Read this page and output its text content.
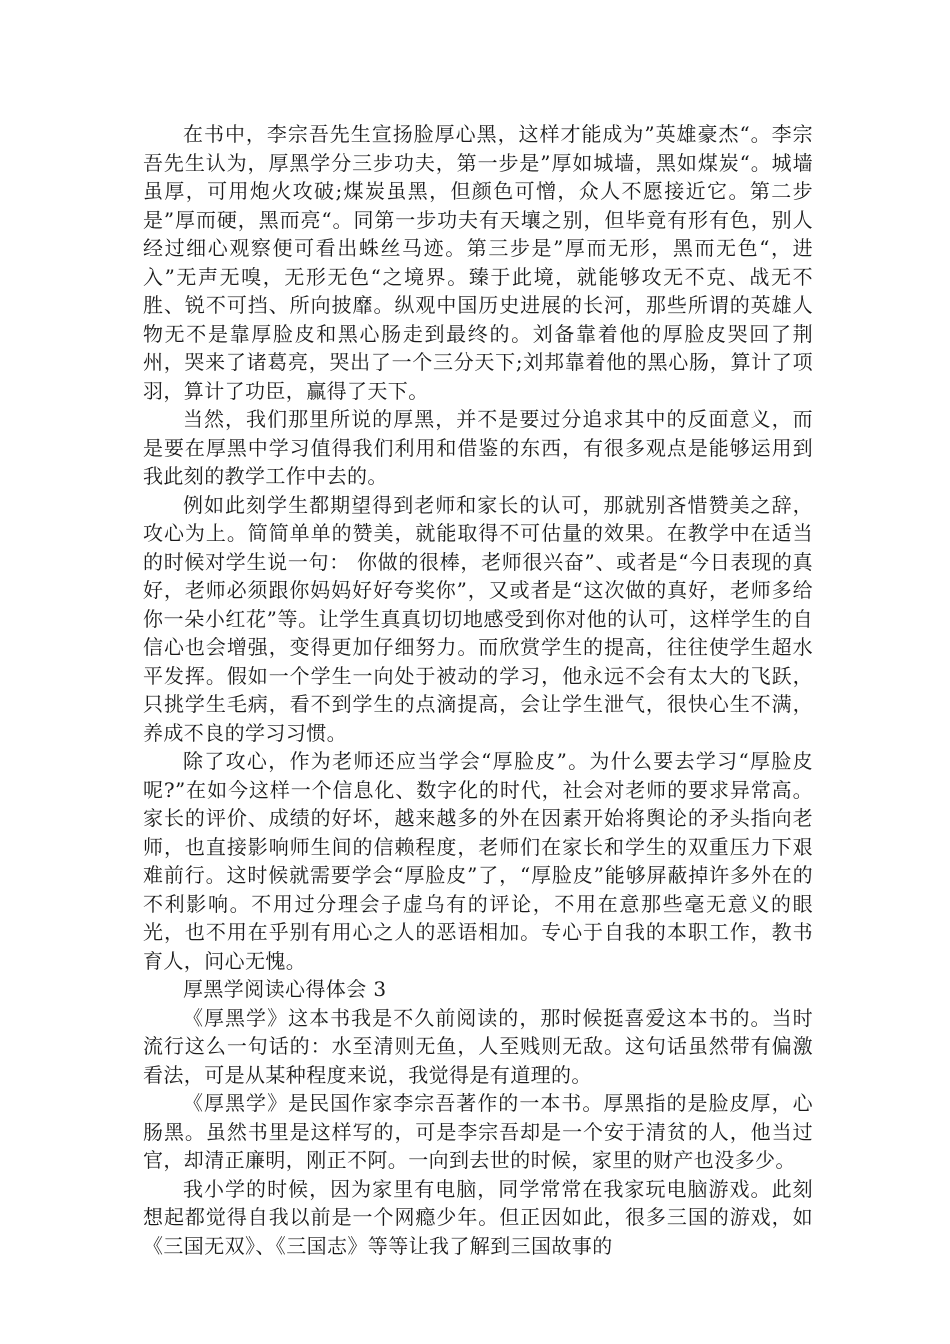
在书中，李宗吾先生宣扬脸厚心黑，这样才能成为”英雄豪杰“。李宗吾先生认为，厚黑学分三步功夫，第一步是”厚如城墙，黑如煤炭“。城墙虽厚，可用炮火攻破;煤炭虽黑，但颜色可憎，众人不愿接近它。第二步是”厚而硬，黑而亮“。同第一步功夫有天壤之别，但毕竟有形有色，别人经过细心观察便可看出蛛丝马迹。第三步是”厚而无形，黑而无色“，进入”无声无嗅，无形无色“之境界。臻于此境，就能够攻无不克、战无不胜、锐不可挡、所向披靡。纵观中国历史进展的长河，那些所谓的英雄人物无不是靠厚脸皮和黑心肠走到最终的。刘备靠着他的厚脸皮哭回了荆州，哭来了诸葛亮，哭出了一个三分天下;刘邦靠着他的黑心肠，算计了项羽，算计了功臣，赢得了天下。

当然，我们那里所说的厚黑，并不是要过分追求其中的反面意义，而是要在厚黑中学习值得我们利用和借鉴的东西，有很多观点是能够运用到我此刻的教学工作中去的。

例如此刻学生都期望得到老师和家长的认可，那就别吝惜赞美之辞，攻心为上。简简单单的赞美，就能取得不可估量的效果。在教学中在适当的时候对学生说一句： 你做的很棒，老师很兴奋”、或者是“今日表现的真好，老师必须跟你妈妈好好夸奖你”，又或者是“这次做的真好，老师多给你一朵小红花”等。让学生真真切切地感受到你对他的认可，这样学生的自信心也会增强，变得更加仔细努力。而欣赏学生的提高，往往使学生超水平发挥。假如一个学生一向处于被动的学习，他永远不会有太大的飞跃，只挑学生毛病，看不到学生的点滴提高，会让学生泄气，很快心生不满，养成不良的学习习惯。

除了攻心，作为老师还应当学会“厚脸皮”。为什么要去学习“厚脸皮呢?”在如今这样一个信息化、数字化的时代，社会对老师的要求异常高。家长的评价、成绩的好坏，越来越多的外在因素开始将舆论的矛头指向老师，也直接影响师生间的信赖程度，老师们在家长和学生的双重压力下艰难前行。这时候就需要学会“厚脸皮”了，“厚脸皮”能够屏蔽掉许多外在的不利影响。不用过分理会子虚乌有的评论，不用在意那些毫无意义的眼光，也不用在乎别有用心之人的恶语相加。专心于自我的本职工作，教书育人，问心无愧。

厚黑学阅读心得体会 3

《厚黑学》这本书我是不久前阅读的，那时候挺喜爱这本书的。当时流行这么一句话的：水至清则无鱼，人至贱则无敌。这句话虽然带有偏激看法，可是从某种程度来说，我觉得是有道理的。

《厚黑学》是民国作家李宗吾著作的一本书。厚黑指的是脸皮厚，心肠黑。虽然书里是这样写的，可是李宗吾却是一个安于清贫的人，他当过官，却清正廉明，刚正不阿。一向到去世的时候，家里的财产也没多少。

我小学的时候，因为家里有电脑，同学常常在我家玩电脑游戏。此刻想起都觉得自我以前是一个网瘾少年。但正因如此，很多三国的游戏，如《三国无双》、《三国志》等等让我了解到三国故事的
